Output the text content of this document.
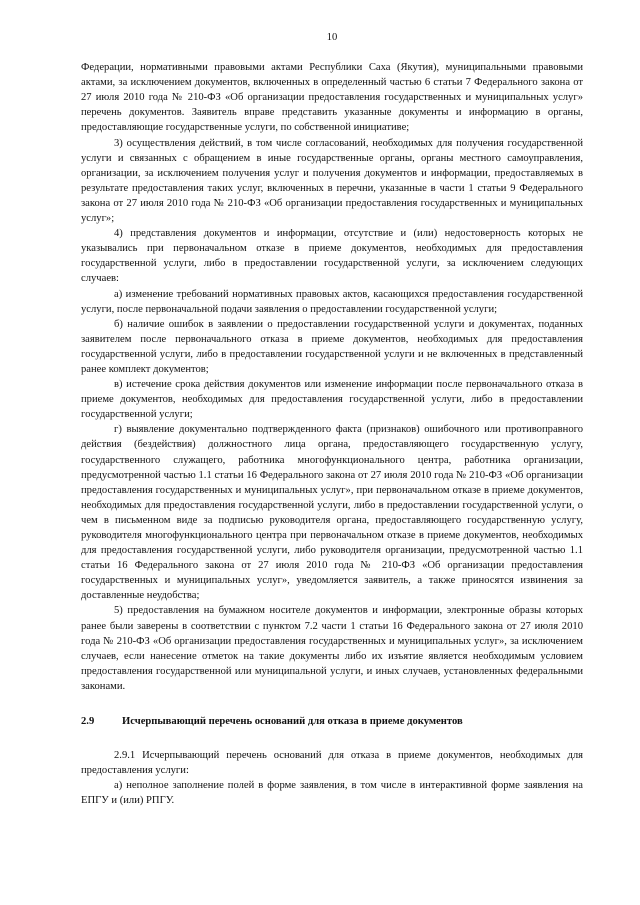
10

Федерации, нормативными правовыми актами Республики Саха (Якутия), муниципальными правовыми актами, за исключением документов, включенных в определенный частью 6 статьи 7 Федерального закона от 27 июля 2010 года № 210-ФЗ «Об организации предоставления государственных и муниципальных услуг» перечень документов. Заявитель вправе представить указанные документы и информацию в органы, предоставляющие государственные услуги, по собственной инициативе;

3) осуществления действий, в том числе согласований, необходимых для получения государственной услуги и связанных с обращением в иные государственные органы, органы местного самоуправления, организации, за исключением получения услуг и получения документов и информации, предоставляемых в результате предоставления таких услуг, включенных в перечни, указанные в части 1 статьи 9 Федерального закона от 27 июля 2010 года № 210-ФЗ «Об организации предоставления государственных и муниципальных услуг»;

4) представления документов и информации, отсутствие и (или) недостоверность которых не указывались при первоначальном отказе в приеме документов, необходимых для предоставления государственной услуги, либо в предоставлении государственной услуги, за исключением следующих случаев:

а) изменение требований нормативных правовых актов, касающихся предоставления государственной услуги, после первоначальной подачи заявления о предоставлении государственной услуги;

б) наличие ошибок в заявлении о предоставлении государственной услуги и документах, поданных заявителем после первоначального отказа в приеме документов, необходимых для предоставления государственной услуги, либо в предоставлении государственной услуги и не включенных в представленный ранее комплект документов;

в) истечение срока действия документов или изменение информации после первоначального отказа в приеме документов, необходимых для предоставления государственной услуги, либо в предоставлении государственной услуги;

г) выявление документально подтвержденного факта (признаков) ошибочного или противоправного действия (бездействия) должностного лица органа, предоставляющего государственную услугу, государственного служащего, работника многофункционального центра, работника организации, предусмотренной частью 1.1 статьи 16 Федерального закона от 27 июля 2010 года № 210-ФЗ «Об организации предоставления государственных и муниципальных услуг», при первоначальном отказе в приеме документов, необходимых для предоставления государственной услуги, либо в предоставлении государственной услуги, о чем в письменном виде за подписью руководителя органа, предоставляющего государственную услугу, руководителя многофункционального центра при первоначальном отказе в приеме документов, необходимых для предоставления государственной услуги, либо руководителя организации, предусмотренной частью 1.1 статьи 16 Федерального закона от 27 июля 2010 года № 210-ФЗ «Об организации предоставления государственных и муниципальных услуг», уведомляется заявитель, а также приносятся извинения за доставленные неудобства;

5) предоставления на бумажном носителе документов и информации, электронные образы которых ранее были заверены в соответствии с пунктом 7.2 части 1 статьи 16 Федерального закона от 27 июля 2010 года № 210-ФЗ «Об организации предоставления государственных и муниципальных услуг», за исключением случаев, если нанесение отметок на такие документы либо их изъятие является необходимым условием предоставления государственной или муниципальной услуги, и иных случаев, установленных федеральными законами.

2.9	Исчерпывающий перечень оснований для отказа в приеме документов

2.9.1 Исчерпывающий перечень оснований для отказа в приеме документов, необходимых для предоставления услуги:

а) неполное заполнение полей в форме заявления, в том числе в интерактивной форме заявления на ЕПГУ и (или) РПГУ.
